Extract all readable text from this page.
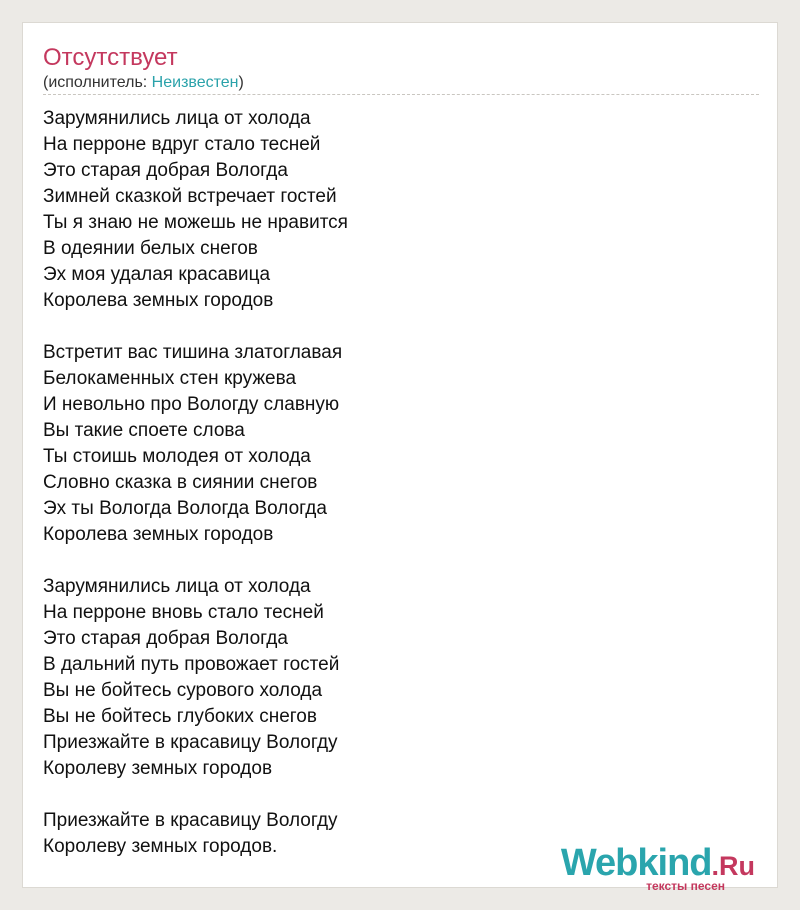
Отсутствует
(исполнитель: Неизвестен)
Зарумянились лица от холода
На перроне вдруг стало тесней
Это старая добрая Вологда
Зимней сказкой встречает гостей
Ты я знаю не можешь не нравится
В одеянии белых снегов
Эх моя удалая красавица
Королева земных городов
Встретит вас тишина златоглавая
Белокаменных стен кружева
И невольно про Вологду славную
Вы такие споете слова
Ты стоишь молодея от холода
Словно сказка в сиянии снегов
Эх ты Вологда Вологда Вологда
Королева земных городов
Зарумянились лица от холода
На перроне вновь стало тесней
Это старая добрая Вологда
В дальний путь провожает гостей
Вы не бойтесь сурового холода
Вы не бойтесь глубоких снегов
Приезжайте в красавицу Вологду
Королеву земных городов
Приезжайте в красавицу Вологду
Королеву земных городов.	Webkind.Ru
тексты песен
